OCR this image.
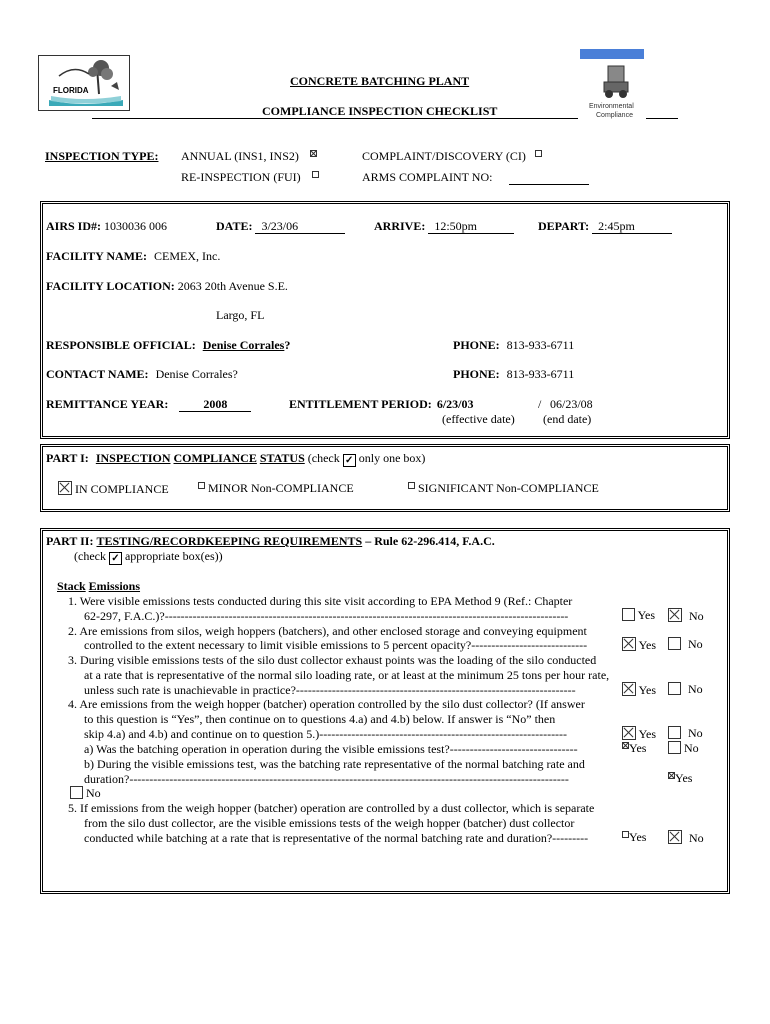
FLORIDA
CONCRETE BATCHING PLANT
COMPLIANCE INSPECTION CHECKLIST	Environmental
Compliance
INSPECTION TYPE: ANNUAL (INS1, INS2)
RE-INSPECTION (FUI)
COMPLAINT/DISCOVERY (CI)
ARMS COMPLAINT NO:
AIRS ID#: 1030036 006	DATE: 3/23/06	ARRIVE: 12:50pm	DEPART: 2:45pm
FACILITY NAME: CEMEX, Inc.
FACILITY LOCATION: 2063 20th Avenue S.E.
Largo, FL
RESPONSIBLE OFFICIAL: Denise Corrales?	PHONE: 813-933-6711
CONTACT NAME: Denise Corrales?	PHONE: 813-933-6711
REMITTANCE YEAR:	2008	ENTITLEMENT PERIOD: 6/23/03	/ 06/23/08
(effective date) (end date)
PART I: INSPECTION COMPLIANCE STATUS (check ✓ only one box)
IN COMPLIANCE	MINOR Non-COMPLIANCE	SIGNIFICANT Non-COMPLIANCE
PART II: TESTING/RECORDKEEPING REQUIREMENTS – Rule 62-296.414, F.A.C.
(check ✓ appropriate box(es))
Stack Emissions
1. Were visible emissions tests conducted during this site visit according to EPA Method 9 (Ref.: Chapter
62-297, F.A.C.)?-----------------------------------------------------------------------------------------------------	Yes	No
2. Are emissions from silos, weigh hoppers (batchers), and other enclosed storage and conveying equipment
controlled to the extent necessary to limit visible emissions to 5 percent opacity?-----------------------------	Yes	No
3. During visible emissions tests of the silo dust collector exhaust points was the loading of the silo conducted
at a rate that is representative of the normal silo loading rate, or at least at the minimum 25 tons per hour rate,
unless such rate is unachievable in practice?----------------------------------------------------------------------	Yes	No
4. Are emissions from the weigh hopper (batcher) operation controlled by the silo dust collector? (If answer
to this question is “Yes”, then continue on to questions 4.a) and 4.b) below. If answer is “No” then
skip 4.a) and 4.b) and continue on to question 5.)--------------------------------------------------------------	Yes	No
a) Was the batching operation in operation during the visible emissions test?--------------------------------	Yes	No
b) During the visible emissions test, was the batching rate representative of the normal batching rate and
duration?--------------------------------------------------------------------------------------------------------------	Yes
No
5. If emissions from the weigh hopper (batcher) operation are controlled by a dust collector, which is separate
from the silo dust collector, are the visible emissions tests of the weigh hopper (batcher) dust collector
conducted while batching at a rate that is representative of the normal batching rate and duration?---------	Yes	No
